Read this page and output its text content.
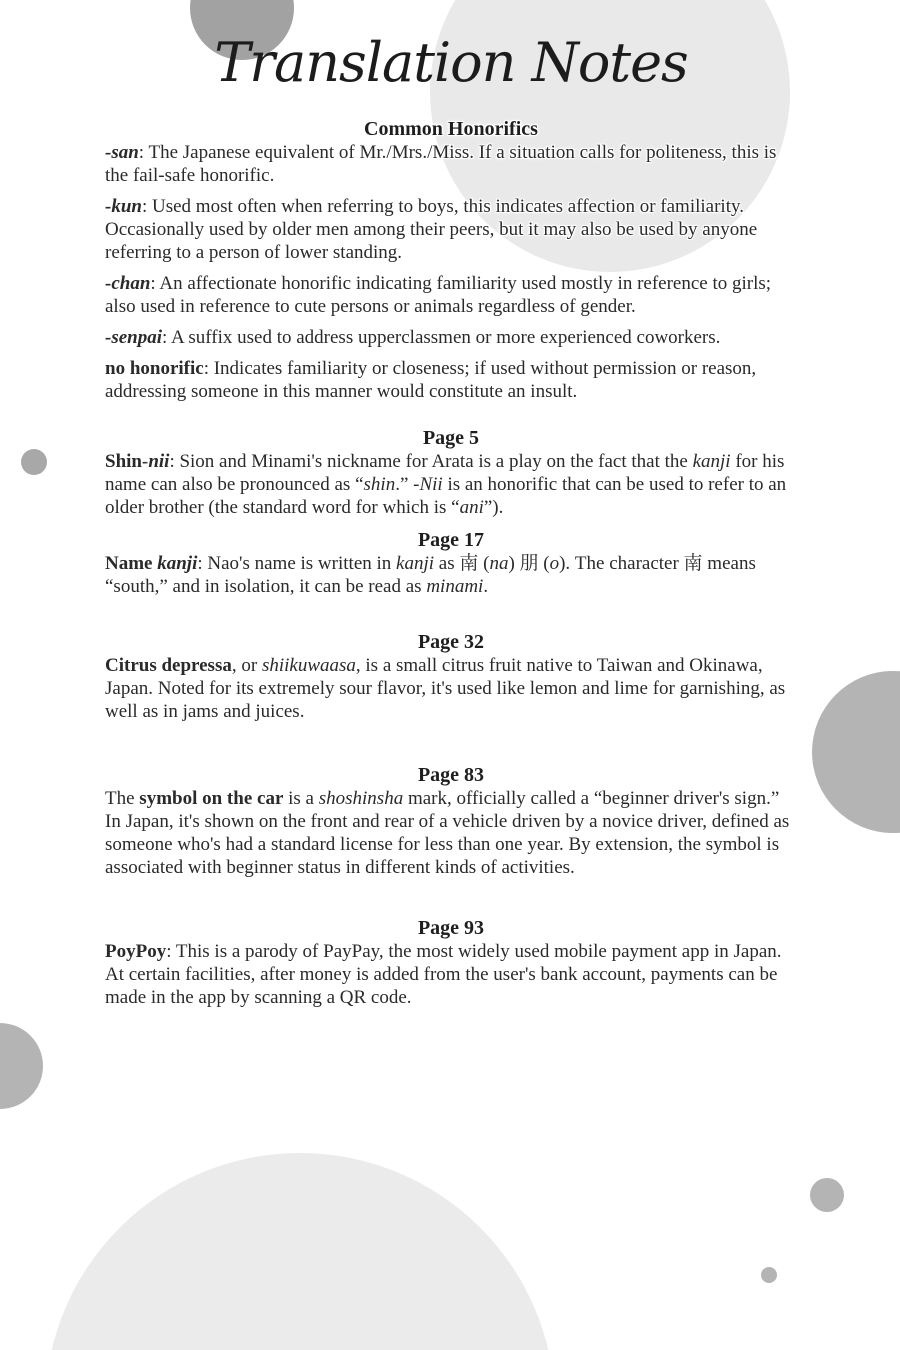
Translation Notes
Common Honorifics

-san: The Japanese equivalent of Mr./Mrs./Miss. If a situation calls for politeness, this is the fail-safe honorific.

-kun: Used most often when referring to boys, this indicates affection or familiarity. Occasionally used by older men among their peers, but it may also be used by anyone referring to a person of lower standing.

-chan: An affectionate honorific indicating familiarity used mostly in reference to girls; also used in reference to cute persons or animals regardless of gender.

-senpai: A suffix used to address upperclassmen or more experienced coworkers.

no honorific: Indicates familiarity or closeness; if used without permission or reason, addressing someone in this manner would constitute an insult.

Page 5

Shin-nii: Sion and Minami's nickname for Arata is a play on the fact that the kanji for his name can also be pronounced as “shin.” -Nii is an honorific that can be used to refer to an older brother (the standard word for which is “ani”).

Page 17

Name kanji: Nao's name is written in kanji as 南 (na) 朋 (o). The character 南 means “south,” and in isolation, it can be read as minami.

Page 32

Citrus depressa, or shiikuwaasa, is a small citrus fruit native to Taiwan and Okinawa, Japan. Noted for its extremely sour flavor, it's used like lemon and lime for garnishing, as well as in jams and juices.

Page 83

The symbol on the car is a shoshinsha mark, officially called a “beginner driver's sign.” In Japan, it's shown on the front and rear of a vehicle driven by a novice driver, defined as someone who's had a standard license for less than one year. By extension, the symbol is associated with beginner status in different kinds of activities.

Page 93

PoyPoy: This is a parody of PayPay, the most widely used mobile payment app in Japan. At certain facilities, after money is added from the user's bank account, payments can be made in the app by scanning a QR code.
